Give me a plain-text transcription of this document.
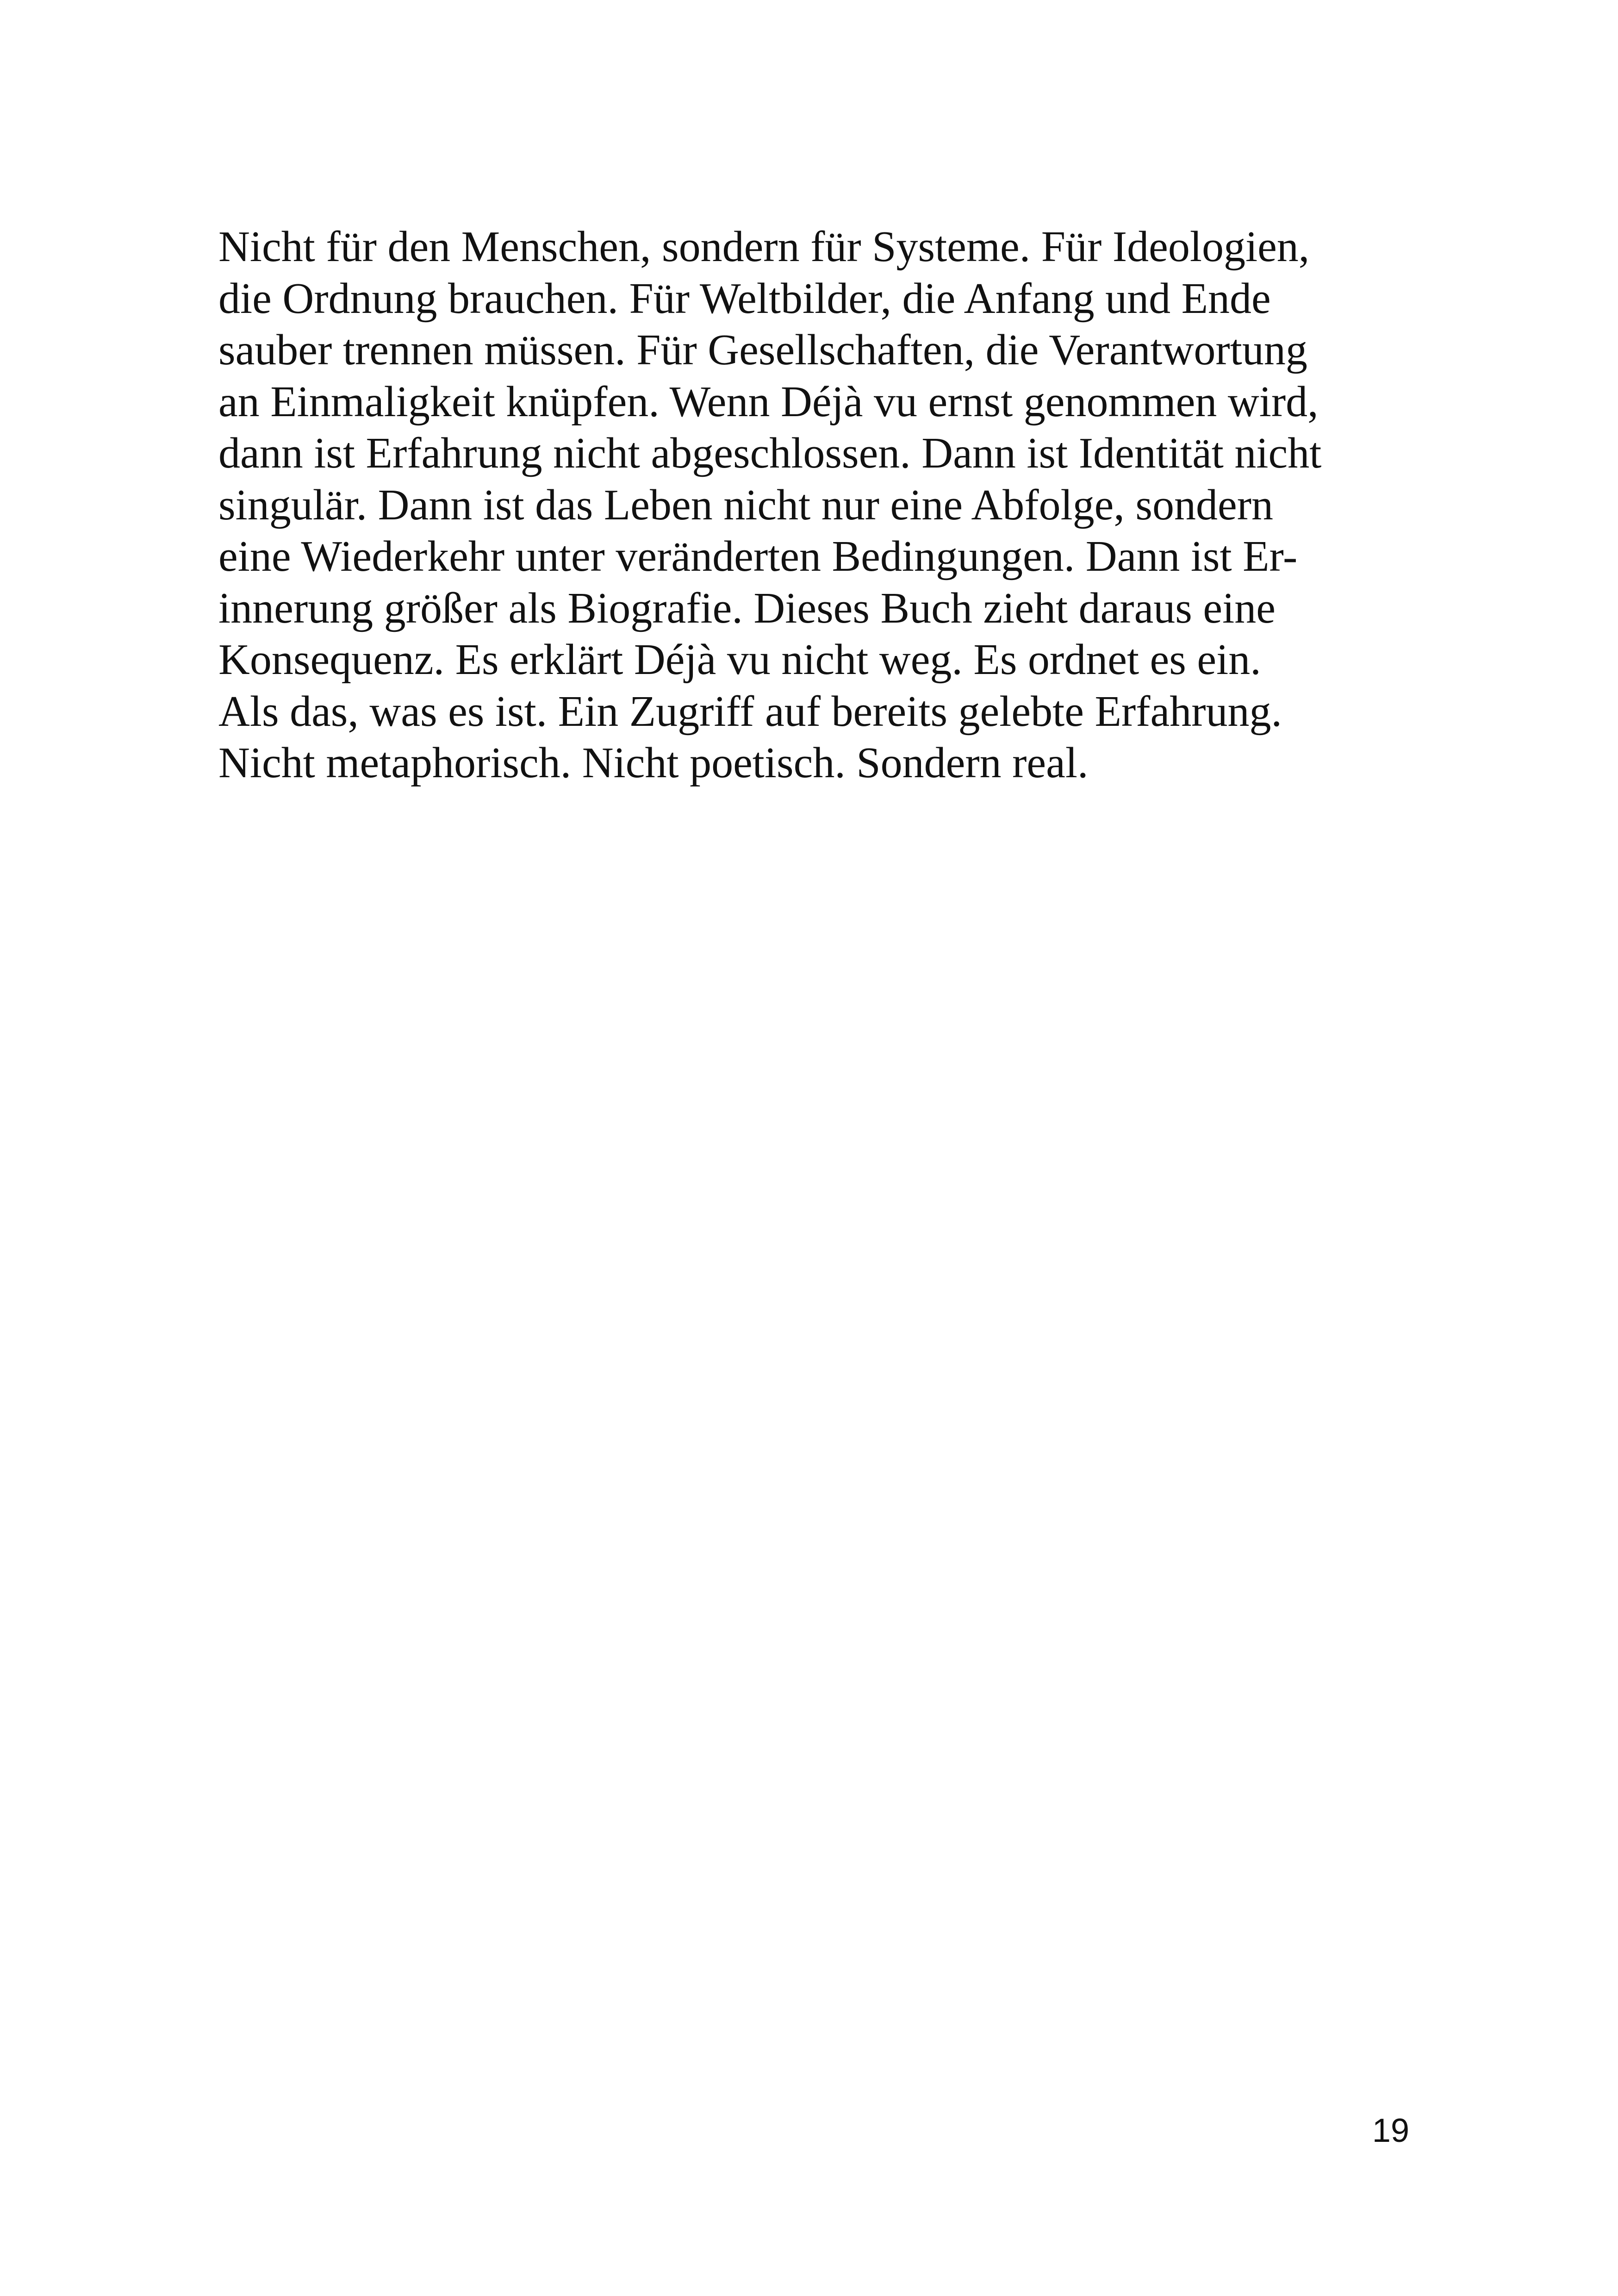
Nicht für den Menschen, sondern für Systeme. Für Ideologien,
die Ordnung brauchen. Für Weltbilder, die Anfang und Ende
sauber trennen müssen. Für Gesellschaften, die Verantwortung
an Einmaligkeit knüpfen. Wenn Déjà vu ernst genommen wird,
dann ist Erfahrung nicht abgeschlossen. Dann ist Identität nicht
singulär. Dann ist das Leben nicht nur eine Abfolge, sondern
eine Wiederkehr unter veränderten Bedingungen. Dann ist Er-
innerung größer als Biografie. Dieses Buch zieht daraus eine
Konsequenz. Es erklärt Déjà vu nicht weg. Es ordnet es ein.
Als das, was es ist. Ein Zugriff auf bereits gelebte Erfahrung.
Nicht metaphorisch. Nicht poetisch. Sondern real.

19
